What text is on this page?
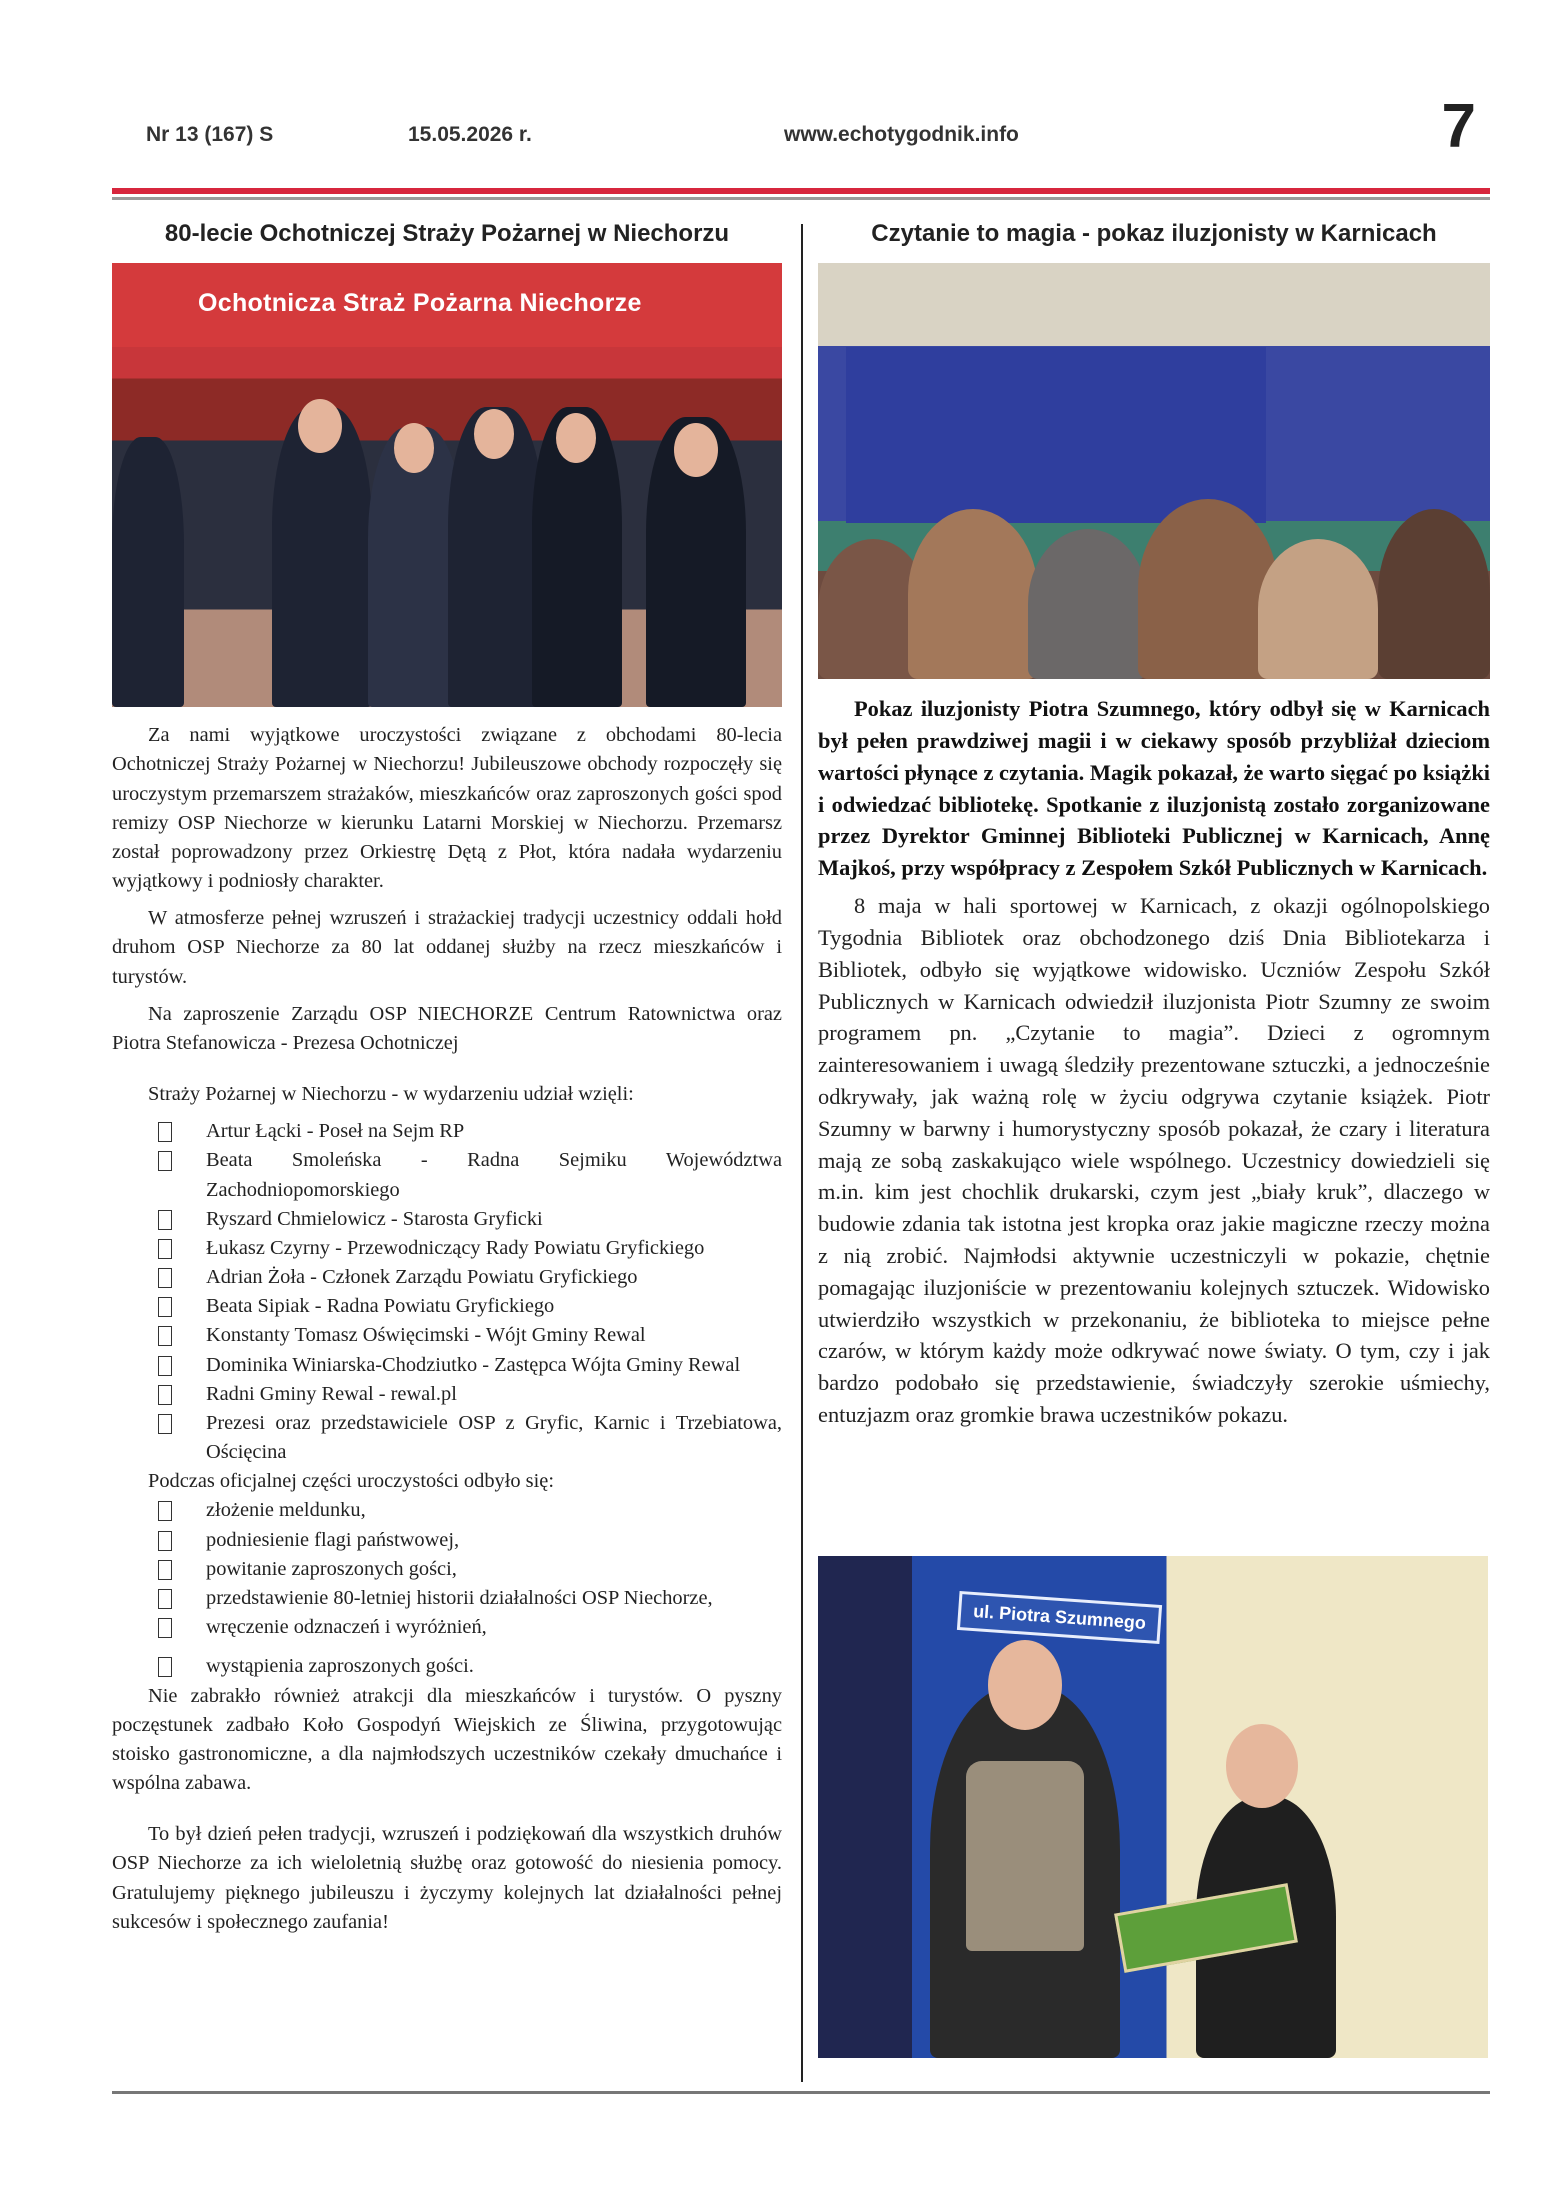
Nr 13 (167) S	15.05.2026 r.	www.echotygodnik.info	7
80-lecie Ochotniczej Straży Pożarnej w Niechorzu
Ochotnicza Straż Pożarna Niechorze

Za nami wyjątkowe uroczystości związane z obchodami 80-lecia Ochotniczej Straży Pożarnej w Niechorzu! Jubileuszowe obchody rozpoczęły się uroczystym przemarszem strażaków, mieszkańców oraz zaproszonych gości spod remizy OSP Niechorze w kierunku Latarni Morskiej w Niechorzu. Przemarsz został poprowadzony przez Orkiestrę Dętą z Płot, która nadała wydarzeniu wyjątkowy i podniosły charakter.

W atmosferze pełnej wzruszeń i strażackiej tradycji uczestnicy oddali hołd druhom OSP Niechorze za 80 lat oddanej służby na rzecz mieszkańców i turystów.

Na zaproszenie Zarządu OSP NIECHORZE Centrum Ratownictwa oraz Piotra Stefanowicza - Prezesa Ochotniczej

Straży Pożarnej w Niechorzu - w wydarzeniu udział wzięli:

Artur Łącki - Poseł na Sejm RP
Beata Smoleńska - Radna Sejmiku Województwa Zachodniopomorskiego
Ryszard Chmielowicz - Starosta Gryficki
Łukasz Czyrny - Przewodniczący Rady Powiatu Gryfickiego
Adrian Żoła - Członek Zarządu Powiatu Gryfickiego
Beata Sipiak - Radna Powiatu Gryfickiego
Konstanty Tomasz Oświęcimski - Wójt Gminy Rewal
Dominika Winiarska-Chodziutko - Zastępca Wójta Gminy Rewal
Radni Gminy Rewal - rewal.pl
Prezesi oraz przedstawiciele OSP z Gryfic, Karnic i Trzebiatowa, Ościęcina

Podczas oficjalnej części uroczystości odbyło się:

złożenie meldunku,
podniesienie flagi państwowej,
powitanie zaproszonych gości,
przedstawienie 80-letniej historii działalności OSP Niechorze,
wręczenie odznaczeń i wyróżnień,
wystąpienia zaproszonych gości.

Nie zabrakło również atrakcji dla mieszkańców i turystów. O pyszny poczęstunek zadbało Koło Gospodyń Wiejskich ze Śliwina, przygotowując stoisko gastronomiczne, a dla najmłodszych uczestników czekały dmuchańce i wspólna zabawa.

To był dzień pełen tradycji, wzruszeń i podziękowań dla wszystkich druhów OSP Niechorze za ich wieloletnią służbę oraz gotowość do niesienia pomocy. Gratulujemy pięknego jubileuszu i życzymy kolejnych lat działalności pełnej sukcesów i społecznego zaufania!

Czytanie to magia - pokaz iluzjonisty w Karnicach

Pokaz iluzjonisty Piotra Szumnego, który odbył się w Karnicach był pełen prawdziwej magii i w ciekawy sposób przybliżał dzieciom wartości płynące z czytania. Magik pokazał, że warto sięgać po książki i odwiedzać bibliotekę. Spotkanie z iluzjonistą zostało zorganizowane przez Dyrektor Gminnej Biblioteki Publicznej w Karnicach, Annę Majkoś, przy współpracy z Zespołem Szkół Publicznych w Karnicach.

8 maja w hali sportowej w Karnicach, z okazji ogólnopolskiego Tygodnia Bibliotek oraz obchodzonego dziś Dnia Bibliotekarza i Bibliotek, odbyło się wyjątkowe widowisko. Uczniów Zespołu Szkół Publicznych w Karnicach odwiedził iluzjonista Piotr Szumny ze swoim programem pn. „Czytanie to magia”. Dzieci z ogromnym zainteresowaniem i uwagą śledziły prezentowane sztuczki, a jednocześnie odkrywały, jak ważną rolę w życiu odgrywa czytanie książek. Piotr Szumny w barwny i humorystyczny sposób pokazał, że czary i literatura mają ze sobą zaskakująco wiele wspólnego. Uczestnicy dowiedzieli się m.in. kim jest chochlik drukarski, czym jest „biały kruk”, dlaczego w budowie zdania tak istotna jest kropka oraz jakie magiczne rzeczy można z nią zrobić. Najmłodsi aktywnie uczestniczyli w pokazie, chętnie pomagając iluzjoniście w prezentowaniu kolejnych sztuczek. Widowisko utwierdziło wszystkich w przekonaniu, że biblioteka to miejsce pełne czarów, w którym każdy może odkrywać nowe światy. O tym, czy i jak bardzo podobało się przedstawienie, świadczyły szerokie uśmiechy, entuzjazm oraz gromkie brawa uczestników pokazu.

ul. Piotra Szumnego
